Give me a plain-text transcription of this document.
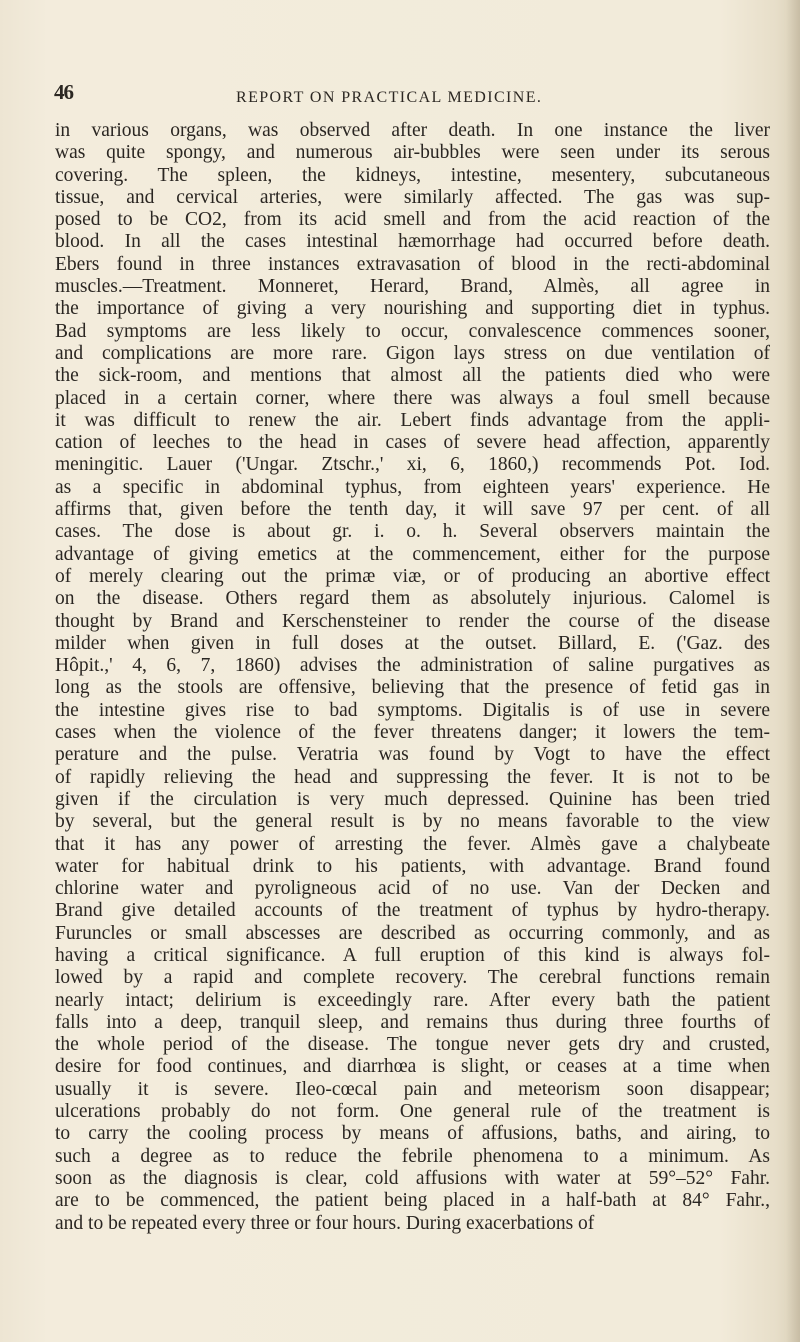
46	REPORT ON PRACTICAL MEDICINE.
in various organs, was observed after death. In one instance the liver
was quite spongy, and numerous air-bubbles were seen under its serous
covering. The spleen, the kidneys, intestine, mesentery, subcutaneous
tissue, and cervical arteries, were similarly affected. The gas was sup-
posed to be CO2, from its acid smell and from the acid reaction of the
blood. In all the cases intestinal hæmorrhage had occurred before death.
Ebers found in three instances extravasation of blood in the recti-abdominal
muscles.—Treatment. Monneret, Herard, Brand, Almès, all agree in
the importance of giving a very nourishing and supporting diet in typhus.
Bad symptoms are less likely to occur, convalescence commences sooner,
and complications are more rare. Gigon lays stress on due ventilation of
the sick-room, and mentions that almost all the patients died who were
placed in a certain corner, where there was always a foul smell because
it was difficult to renew the air. Lebert finds advantage from the appli-
cation of leeches to the head in cases of severe head affection, apparently
meningitic. Lauer ('Ungar. Ztschr.,' xi, 6, 1860,) recommends Pot. Iod.
as a specific in abdominal typhus, from eighteen years' experience. He
affirms that, given before the tenth day, it will save 97 per cent. of all
cases. The dose is about gr. i. o. h. Several observers maintain the
advantage of giving emetics at the commencement, either for the purpose
of merely clearing out the primæ viæ, or of producing an abortive effect
on the disease. Others regard them as absolutely injurious. Calomel is
thought by Brand and Kerschensteiner to render the course of the disease
milder when given in full doses at the outset. Billard, E. ('Gaz. des
Hôpit.,' 4, 6, 7, 1860) advises the administration of saline purgatives as
long as the stools are offensive, believing that the presence of fetid gas in
the intestine gives rise to bad symptoms. Digitalis is of use in severe
cases when the violence of the fever threatens danger; it lowers the tem-
perature and the pulse. Veratria was found by Vogt to have the effect
of rapidly relieving the head and suppressing the fever. It is not to be
given if the circulation is very much depressed. Quinine has been tried
by several, but the general result is by no means favorable to the view
that it has any power of arresting the fever. Almès gave a chalybeate
water for habitual drink to his patients, with advantage. Brand found
chlorine water and pyroligneous acid of no use. Van der Decken and
Brand give detailed accounts of the treatment of typhus by hydro-therapy.
Furuncles or small abscesses are described as occurring commonly, and as
having a critical significance. A full eruption of this kind is always fol-
lowed by a rapid and complete recovery. The cerebral functions remain
nearly intact; delirium is exceedingly rare. After every bath the patient
falls into a deep, tranquil sleep, and remains thus during three fourths of
the whole period of the disease. The tongue never gets dry and crusted,
desire for food continues, and diarrhœa is slight, or ceases at a time when
usually it is severe. Ileo-cœcal pain and meteorism soon disappear;
ulcerations probably do not form. One general rule of the treatment is
to carry the cooling process by means of affusions, baths, and airing, to
such a degree as to reduce the febrile phenomena to a minimum. As
soon as the diagnosis is clear, cold affusions with water at 59°–52° Fahr.
are to be commenced, the patient being placed in a half-bath at 84° Fahr.,
and to be repeated every three or four hours. During exacerbations of
